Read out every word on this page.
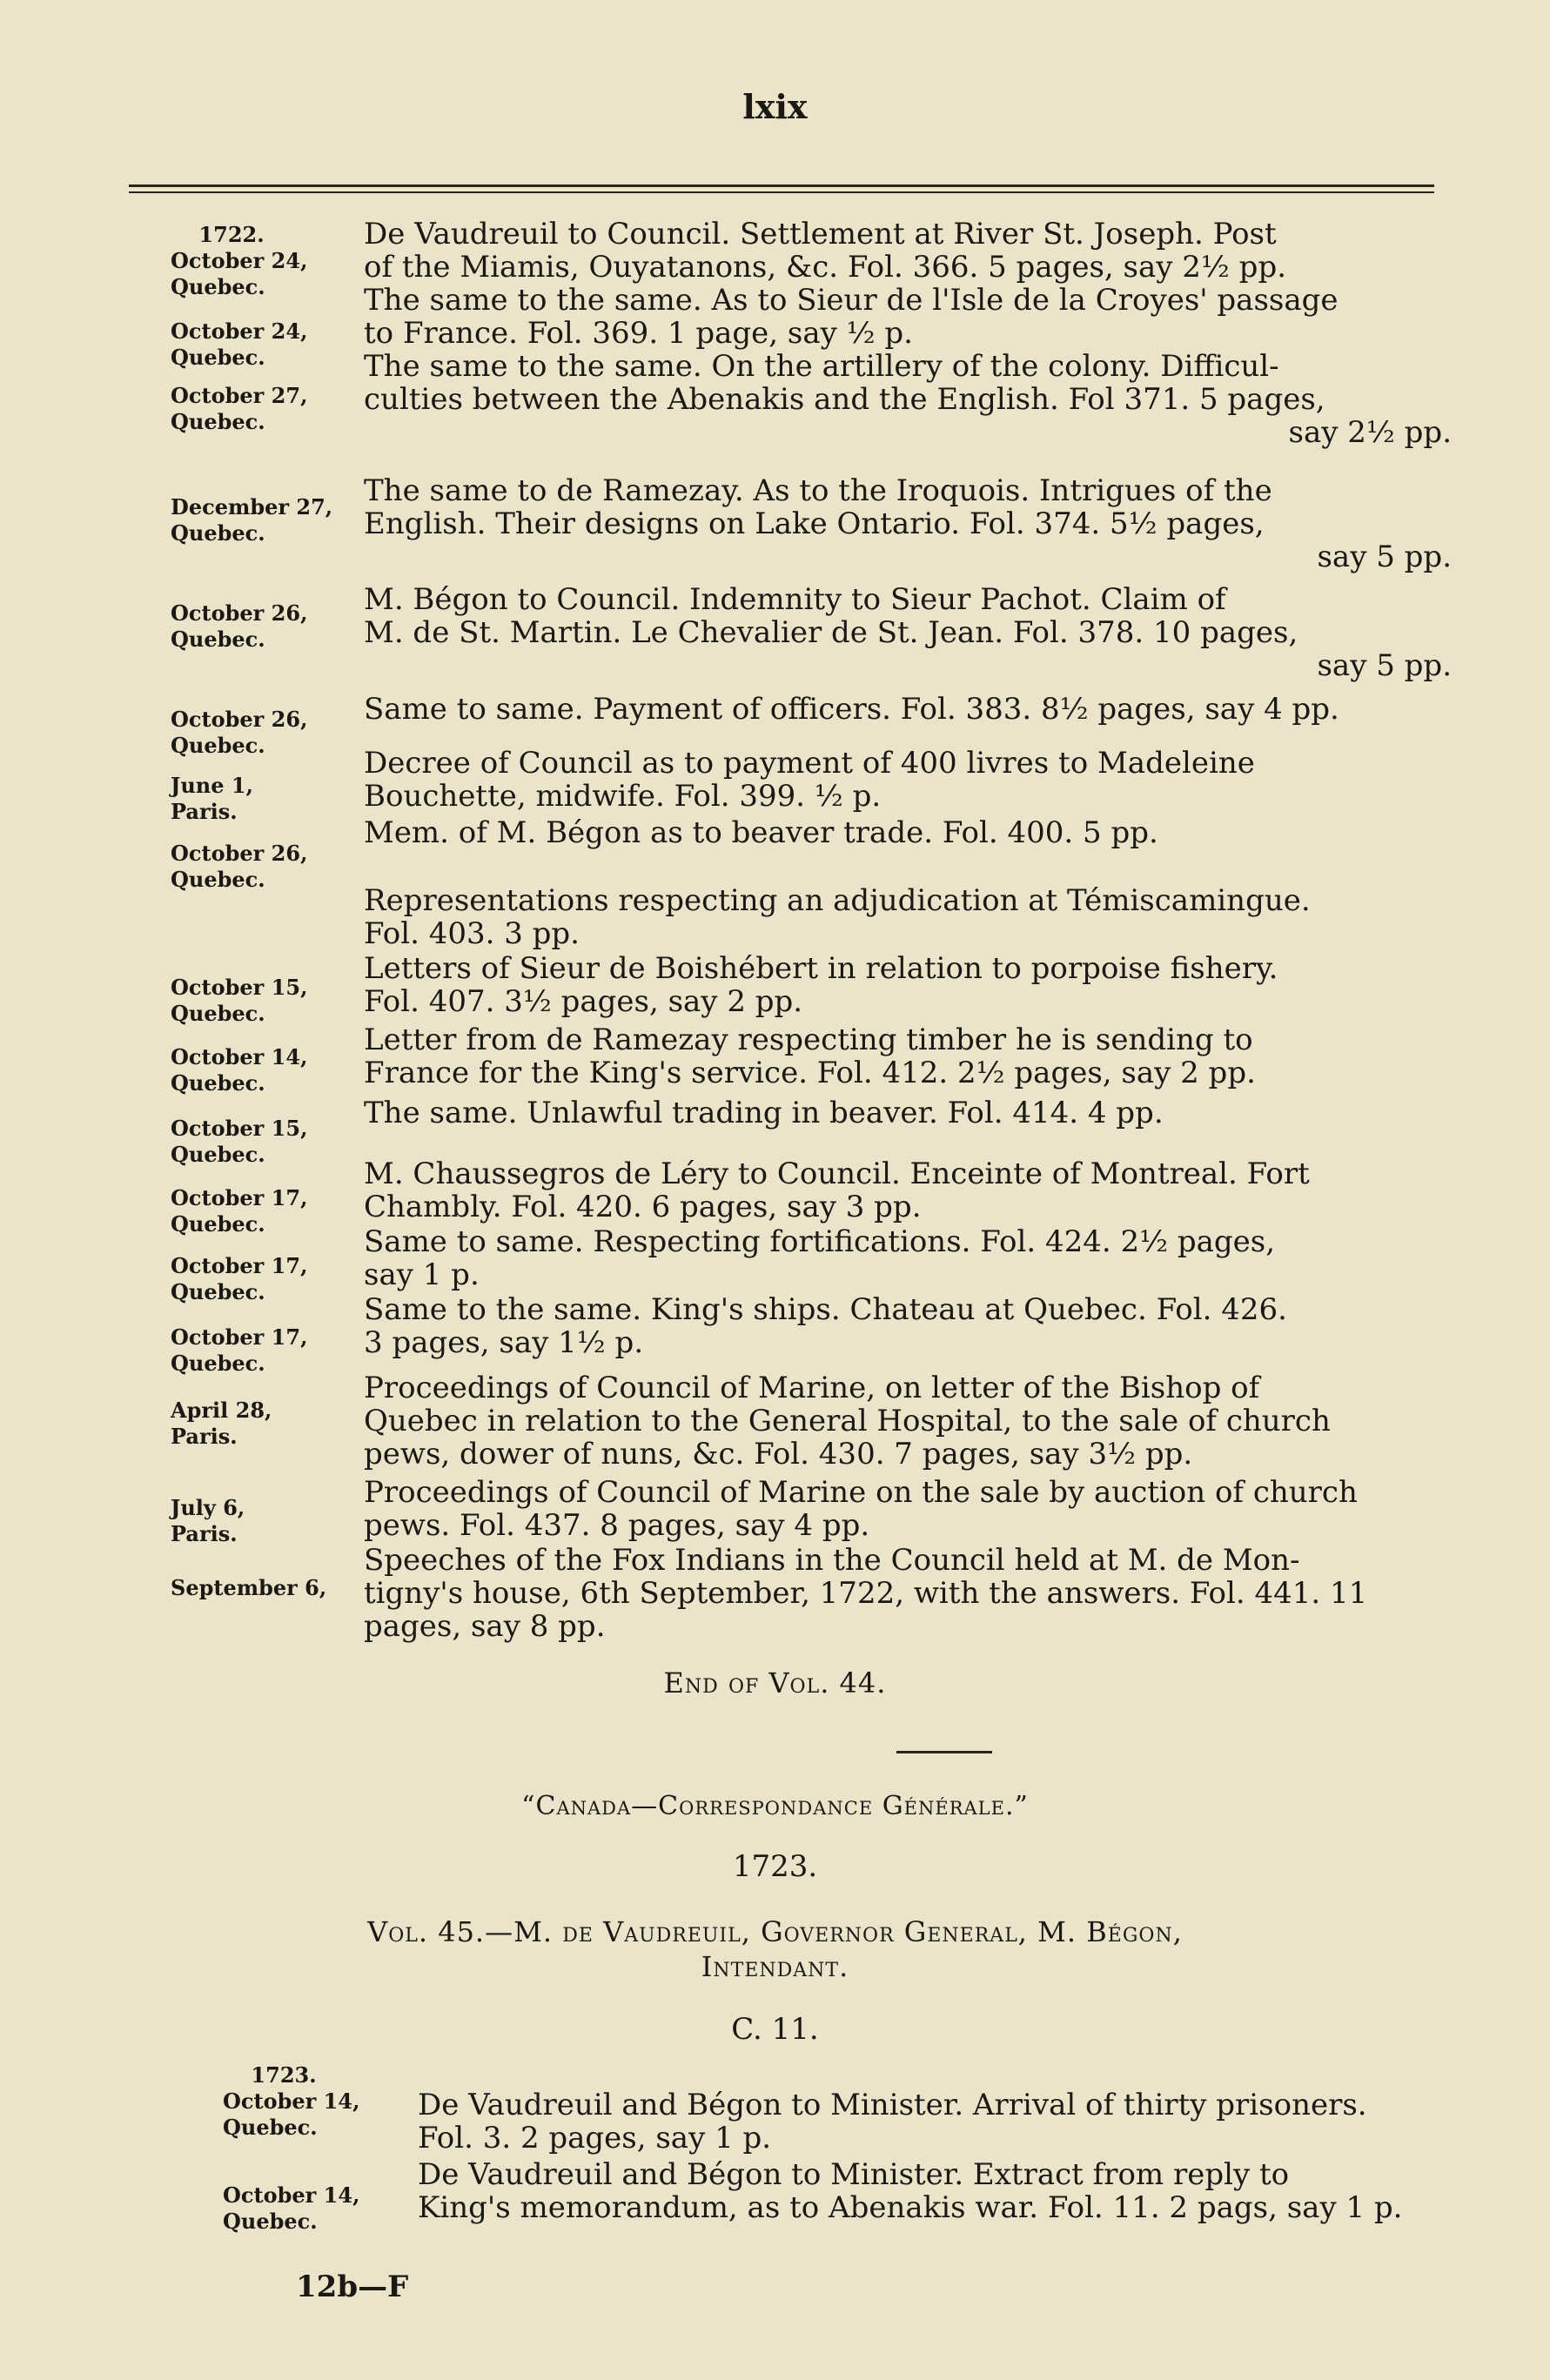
lxix
1722.
October 24,
Quebec.
De Vaudreuil to Council. Settlement at River St. Joseph. Post
of the Miamis, Ouyatanons, &c. Fol. 366. 5 pages, say 2½ pp.
October 24,
Quebec.
The same to the same. As to Sieur de l'Isle de la Croyes' passage
to France. Fol. 369. 1 page, say ½ p.
October 27,
Quebec.
The same to the same. On the artillery of the colony. Difficul-
culties between the Abenakis and the English. Fol 371. 5 pages,
say 2½ pp.
December 27,
Quebec.
The same to de Ramezay. As to the Iroquois. Intrigues of the
English. Their designs on Lake Ontario. Fol. 374. 5½ pages,
say 5 pp.
October 26,
Quebec.
M. Bégon to Council. Indemnity to Sieur Pachot. Claim of
M. de St. Martin. Le Chevalier de St. Jean. Fol. 378. 10 pages,
say 5 pp.
October 26,
Quebec.
Same to same. Payment of officers. Fol. 383. 8½ pages, say 4 pp.
June 1,
Paris.
Decree of Council as to payment of 400 livres to Madeleine
Bouchette, midwife. Fol. 399. ½ p.
October 26,
Quebec.
Mem. of M. Bégon as to beaver trade. Fol. 400. 5 pp.
Representations respecting an adjudication at Témiscamingue.
Fol. 403. 3 pp.
October 15,
Quebec.
Letters of Sieur de Boishébert in relation to porpoise fishery.
Fol. 407. 3½ pages, say 2 pp.
October 14,
Quebec.
Letter from de Ramezay respecting timber he is sending to
France for the King's service. Fol. 412. 2½ pages, say 2 pp.
October 15,
Quebec.
The same. Unlawful trading in beaver. Fol. 414. 4 pp.
October 17,
Quebec.
M. Chaussegros de Léry to Council. Enceinte of Montreal. Fort
Chambly. Fol. 420. 6 pages, say 3 pp.
October 17,
Quebec.
Same to same. Respecting fortifications. Fol. 424. 2½ pages,
say 1 p.
October 17,
Quebec.
Same to the same. King's ships. Chateau at Quebec. Fol. 426.
3 pages, say 1½ p.
April 28,
Paris.
Proceedings of Council of Marine, on letter of the Bishop of
Quebec in relation to the General Hospital, to the sale of church
pews, dower of nuns, &c. Fol. 430. 7 pages, say 3½ pp.
July 6,
Paris.
Proceedings of Council of Marine on the sale by auction of church
pews. Fol. 437. 8 pages, say 4 pp.
September 6,
Speeches of the Fox Indians in the Council held at M. de Mon-
tigny's house, 6th September, 1722, with the answers. Fol. 441. 11
pages, say 8 pp.
End of Vol. 44.
“Canada—Correspondance Générale.”
1723.
Vol. 45.—M. de Vaudreuil, Governor General, M. Bégon,
Intendant.
C. 11.
1723.
October 14,
Quebec.
De Vaudreuil and Bégon to Minister. Arrival of thirty prisoners.
Fol. 3. 2 pages, say 1 p.
October 14,
Quebec.
De Vaudreuil and Bégon to Minister. Extract from reply to
King's memorandum, as to Abenakis war. Fol. 11. 2 pags, say 1 p.
12b—F
